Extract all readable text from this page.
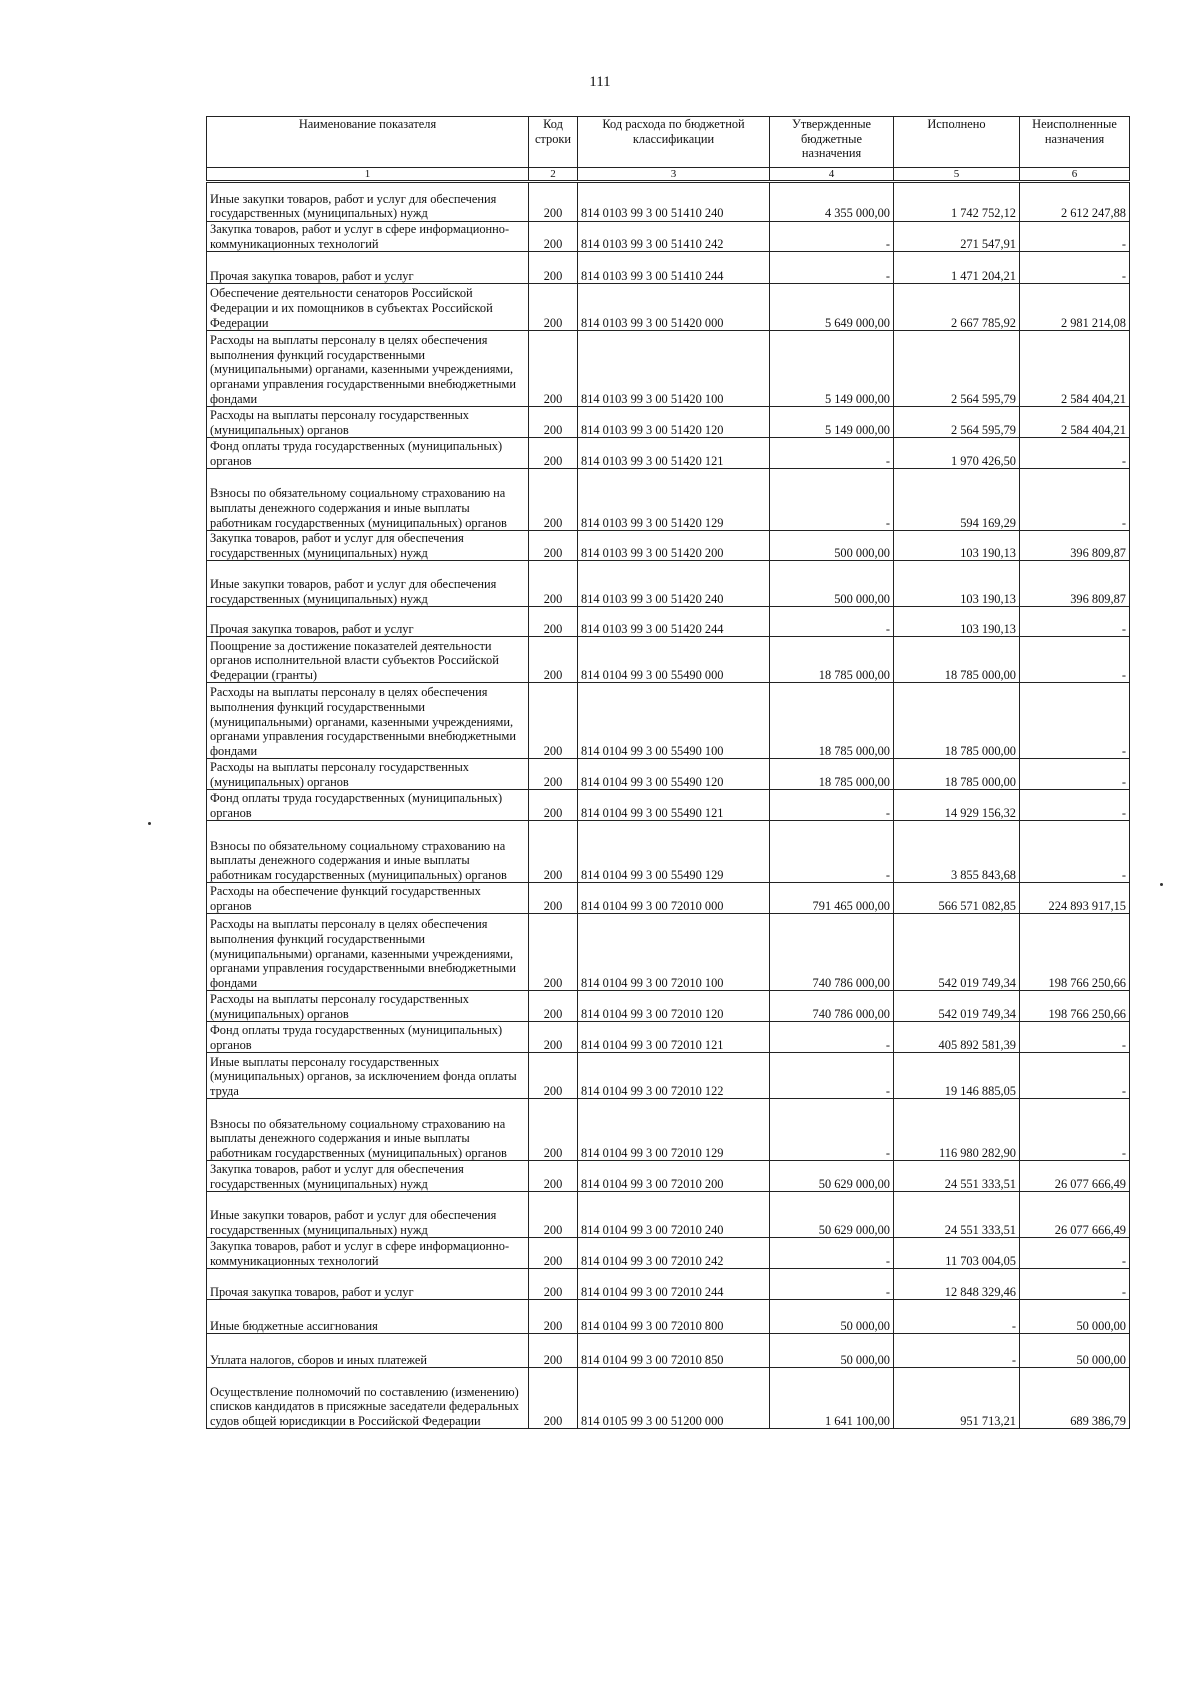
111
Наименование показателя	Код строки	Код расхода по бюджетной классификации	Утвержденные бюджетные назначения	Исполнено	Неисполненные назначения
1	2	3	4	5	6
Иные закупки товаров, работ и услуг для обеспечения государственных (муниципальных) нужд	200	814 0103 99 3 00 51410 240	4 355 000,00	1 742 752,12	2 612 247,88
Закупка товаров, работ и услуг в сфере информационно-коммуникационных технологий	200	814 0103 99 3 00 51410 242	-	271 547,91	-
Прочая закупка товаров, работ и услуг	200	814 0103 99 3 00 51410 244	-	1 471 204,21	-
Обеспечение деятельности сенаторов Российской Федерации и их помощников в субъектах Российской Федерации	200	814 0103 99 3 00 51420 000	5 649 000,00	2 667 785,92	2 981 214,08
Расходы на выплаты персоналу в целях обеспечения выполнения функций государственными (муниципальными) органами, казенными учреждениями, органами управления государственными внебюджетными фондами	200	814 0103 99 3 00 51420 100	5 149 000,00	2 564 595,79	2 584 404,21
Расходы на выплаты персоналу государственных (муниципальных) органов	200	814 0103 99 3 00 51420 120	5 149 000,00	2 564 595,79	2 584 404,21
Фонд оплаты труда государственных (муниципальных) органов	200	814 0103 99 3 00 51420 121	-	1 970 426,50	-
Взносы по обязательному социальному страхованию на выплаты денежного содержания и иные выплаты работникам государственных (муниципальных) органов	200	814 0103 99 3 00 51420 129	-	594 169,29	-
Закупка товаров, работ и услуг для обеспечения государственных (муниципальных) нужд	200	814 0103 99 3 00 51420 200	500 000,00	103 190,13	396 809,87
Иные закупки товаров, работ и услуг для обеспечения государственных (муниципальных) нужд	200	814 0103 99 3 00 51420 240	500 000,00	103 190,13	396 809,87
Прочая закупка товаров, работ и услуг	200	814 0103 99 3 00 51420 244	-	103 190,13	-
Поощрение за достижение показателей деятельности органов исполнительной власти субъектов Российской Федерации (гранты)	200	814 0104 99 3 00 55490 000	18 785 000,00	18 785 000,00	-
Расходы на выплаты персоналу в целях обеспечения выполнения функций государственными (муниципальными) органами, казенными учреждениями, органами управления государственными внебюджетными фондами	200	814 0104 99 3 00 55490 100	18 785 000,00	18 785 000,00	-
Расходы на выплаты персоналу государственных (муниципальных) органов	200	814 0104 99 3 00 55490 120	18 785 000,00	18 785 000,00	-
Фонд оплаты труда государственных (муниципальных) органов	200	814 0104 99 3 00 55490 121	-	14 929 156,32	-
Взносы по обязательному социальному страхованию на выплаты денежного содержания и иные выплаты работникам государственных (муниципальных) органов	200	814 0104 99 3 00 55490 129	-	3 855 843,68	-
Расходы на обеспечение функций государственных органов	200	814 0104 99 3 00 72010 000	791 465 000,00	566 571 082,85	224 893 917,15
Расходы на выплаты персоналу в целях обеспечения выполнения функций государственными (муниципальными) органами, казенными учреждениями, органами управления государственными внебюджетными фондами	200	814 0104 99 3 00 72010 100	740 786 000,00	542 019 749,34	198 766 250,66
Расходы на выплаты персоналу государственных (муниципальных) органов	200	814 0104 99 3 00 72010 120	740 786 000,00	542 019 749,34	198 766 250,66
Фонд оплаты труда государственных (муниципальных) органов	200	814 0104 99 3 00 72010 121	-	405 892 581,39	-
Иные выплаты персоналу государственных (муниципальных) органов, за исключением фонда оплаты труда	200	814 0104 99 3 00 72010 122	-	19 146 885,05	-
Взносы по обязательному социальному страхованию на выплаты денежного содержания и иные выплаты работникам государственных (муниципальных) органов	200	814 0104 99 3 00 72010 129	-	116 980 282,90	-
Закупка товаров, работ и услуг для обеспечения государственных (муниципальных) нужд	200	814 0104 99 3 00 72010 200	50 629 000,00	24 551 333,51	26 077 666,49
Иные закупки товаров, работ и услуг для обеспечения государственных (муниципальных) нужд	200	814 0104 99 3 00 72010 240	50 629 000,00	24 551 333,51	26 077 666,49
Закупка товаров, работ и услуг в сфере информационно-коммуникационных технологий	200	814 0104 99 3 00 72010 242	-	11 703 004,05	-
Прочая закупка товаров, работ и услуг	200	814 0104 99 3 00 72010 244	-	12 848 329,46	-
Иные бюджетные ассигнования	200	814 0104 99 3 00 72010 800	50 000,00	-	50 000,00
Уплата налогов, сборов и иных платежей	200	814 0104 99 3 00 72010 850	50 000,00	-	50 000,00
Осуществление полномочий по составлению (изменению) списков кандидатов в присяжные заседатели федеральных судов общей юрисдикции в Российской Федерации	200	814 0105 99 3 00 51200 000	1 641 100,00	951 713,21	689 386,79
